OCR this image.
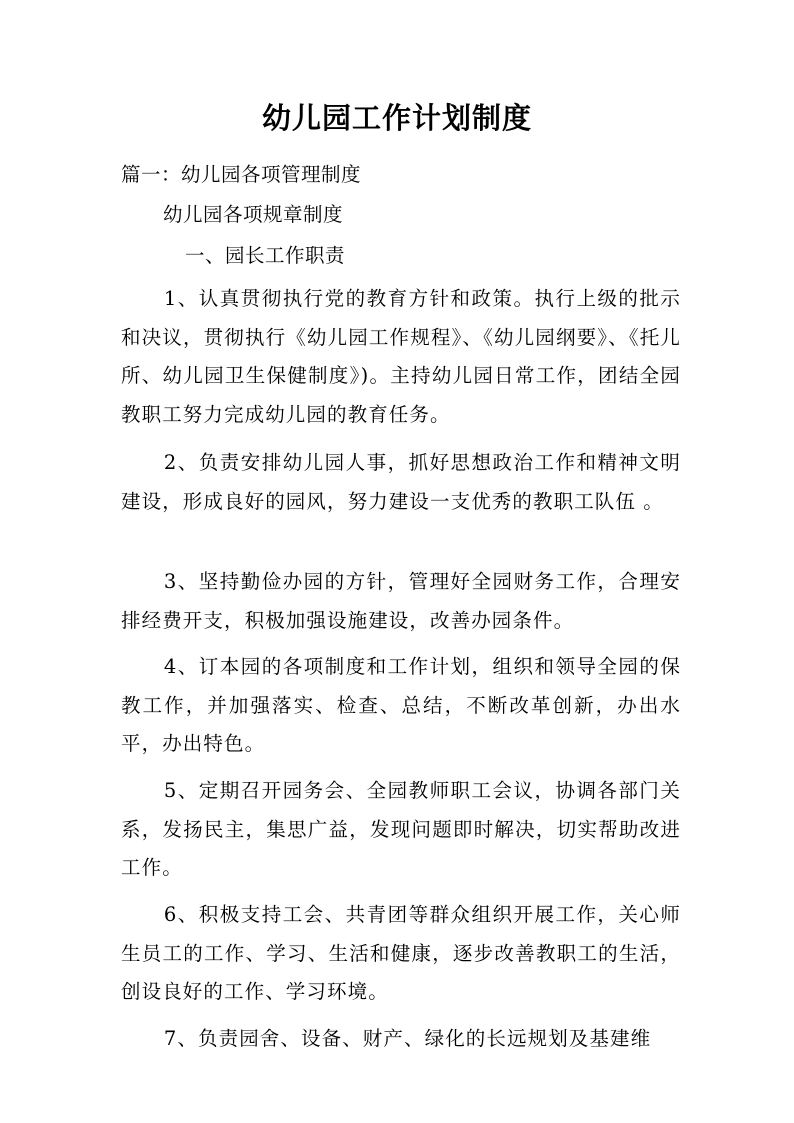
幼儿园工作计划制度
篇一：幼儿园各项管理制度
幼儿园各项规章制度
一、园长工作职责

1、认真贯彻执行党的教育方针和政策。执行上级的批示和决议，贯彻执行《幼儿园工作规程》、《幼儿园纲要》、《托儿所、幼儿园卫生保健制度》)。主持幼儿园日常工作，团结全园教职工努力完成幼儿园的教育任务。

2、负责安排幼儿园人事，抓好思想政治工作和精神文明建设，形成良好的园风，努力建设一支优秀的教职工队伍 。

3、坚持勤俭办园的方针，管理好全园财务工作，合理安排经费开支，积极加强设施建设，改善办园条件。

4、订本园的各项制度和工作计划，组织和领导全园的保教工作，并加强落实、检查、总结，不断改革创新，办出水平，办出特色。

5、定期召开园务会、全园教师职工会议，协调各部门关系，发扬民主，集思广益，发现问题即时解决，切实帮助改进工作。

6、积极支持工会、共青团等群众组织开展工作，关心师生员工的工作、学习、生活和健康，逐步改善教职工的生活，创设良好的工作、学习环境。

7、负责园舍、设备、财产、绿化的长远规划及基建维
